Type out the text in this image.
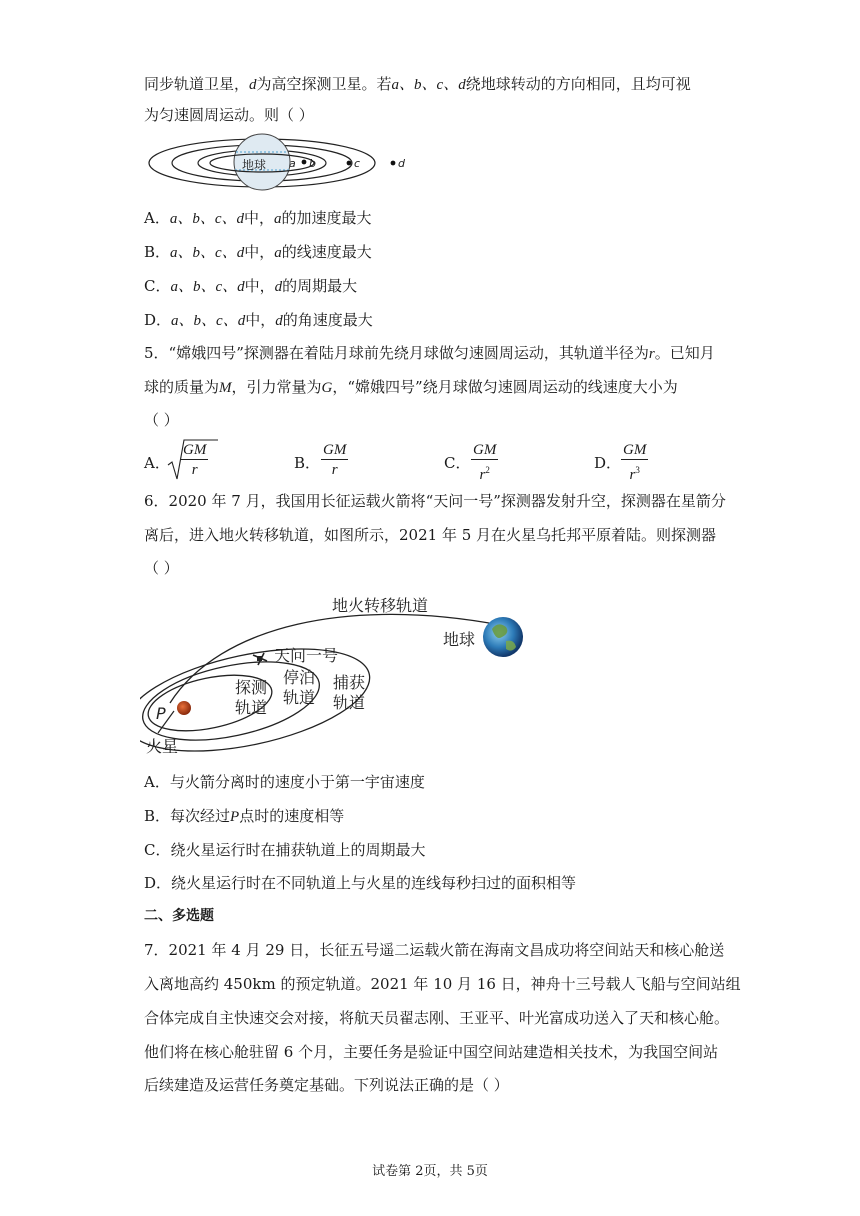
同步轨道卫星，d为高空探测卫星。若a、b、c、d绕地球转动的方向相同，且均可视
为匀速圆周运动。则（ ）
地球 a b	c	d
A．a、b、c、d中，a的加速度最大
B．a、b、c、d中，a的线速度最大
C．a、b、c、d中，d的周期最大
D．a、b、c、d中，d的角速度最大
5．“嫦娥四号”探测器在着陆月球前先绕月球做匀速圆周运动，其轨道半径为r。已知月
球的质量为M，引力常量为G，“嫦娥四号”绕月球做匀速圆周运动的线速度大小为
（ ）
A． $\frac{GM}{r}$	B． $\frac{GM}{r}$	C． $\frac{GM}{r^2}$	D． $\frac{GM}{r^3}$
6．2020 年 7 月，我国用长征运载火箭将“天问一号”探测器发射升空，探测器在星箭分
离后，进入地火转移轨道，如图所示，2021 年 5 月在火星乌托邦平原着陆。则探测器
（ ）
地火转移轨道
地球
天问一号
探测
轨道
停泊
轨道
捕获
轨道
P
火星
A．与火箭分离时的速度小于第一宇宙速度
B．每次经过P点时的速度相等
C．绕火星运行时在捕获轨道上的周期最大
D．绕火星运行时在不同轨道上与火星的连线每秒扫过的面积相等
二、多选题
7．2021 年 4 月 29 日，长征五号遥二运载火箭在海南文昌成功将空间站天和核心舱送
入离地高约 450km 的预定轨道。2021 年 10 月 16 日，神舟十三号载人飞船与空间站组
合体完成自主快速交会对接，将航天员翟志刚、王亚平、叶光富成功送入了天和核心舱。
他们将在核心舱驻留 6 个月，主要任务是验证中国空间站建造相关技术，为我国空间站
后续建造及运营任务奠定基础。下列说法正确的是（ ）
试卷第 2页，共 5页
